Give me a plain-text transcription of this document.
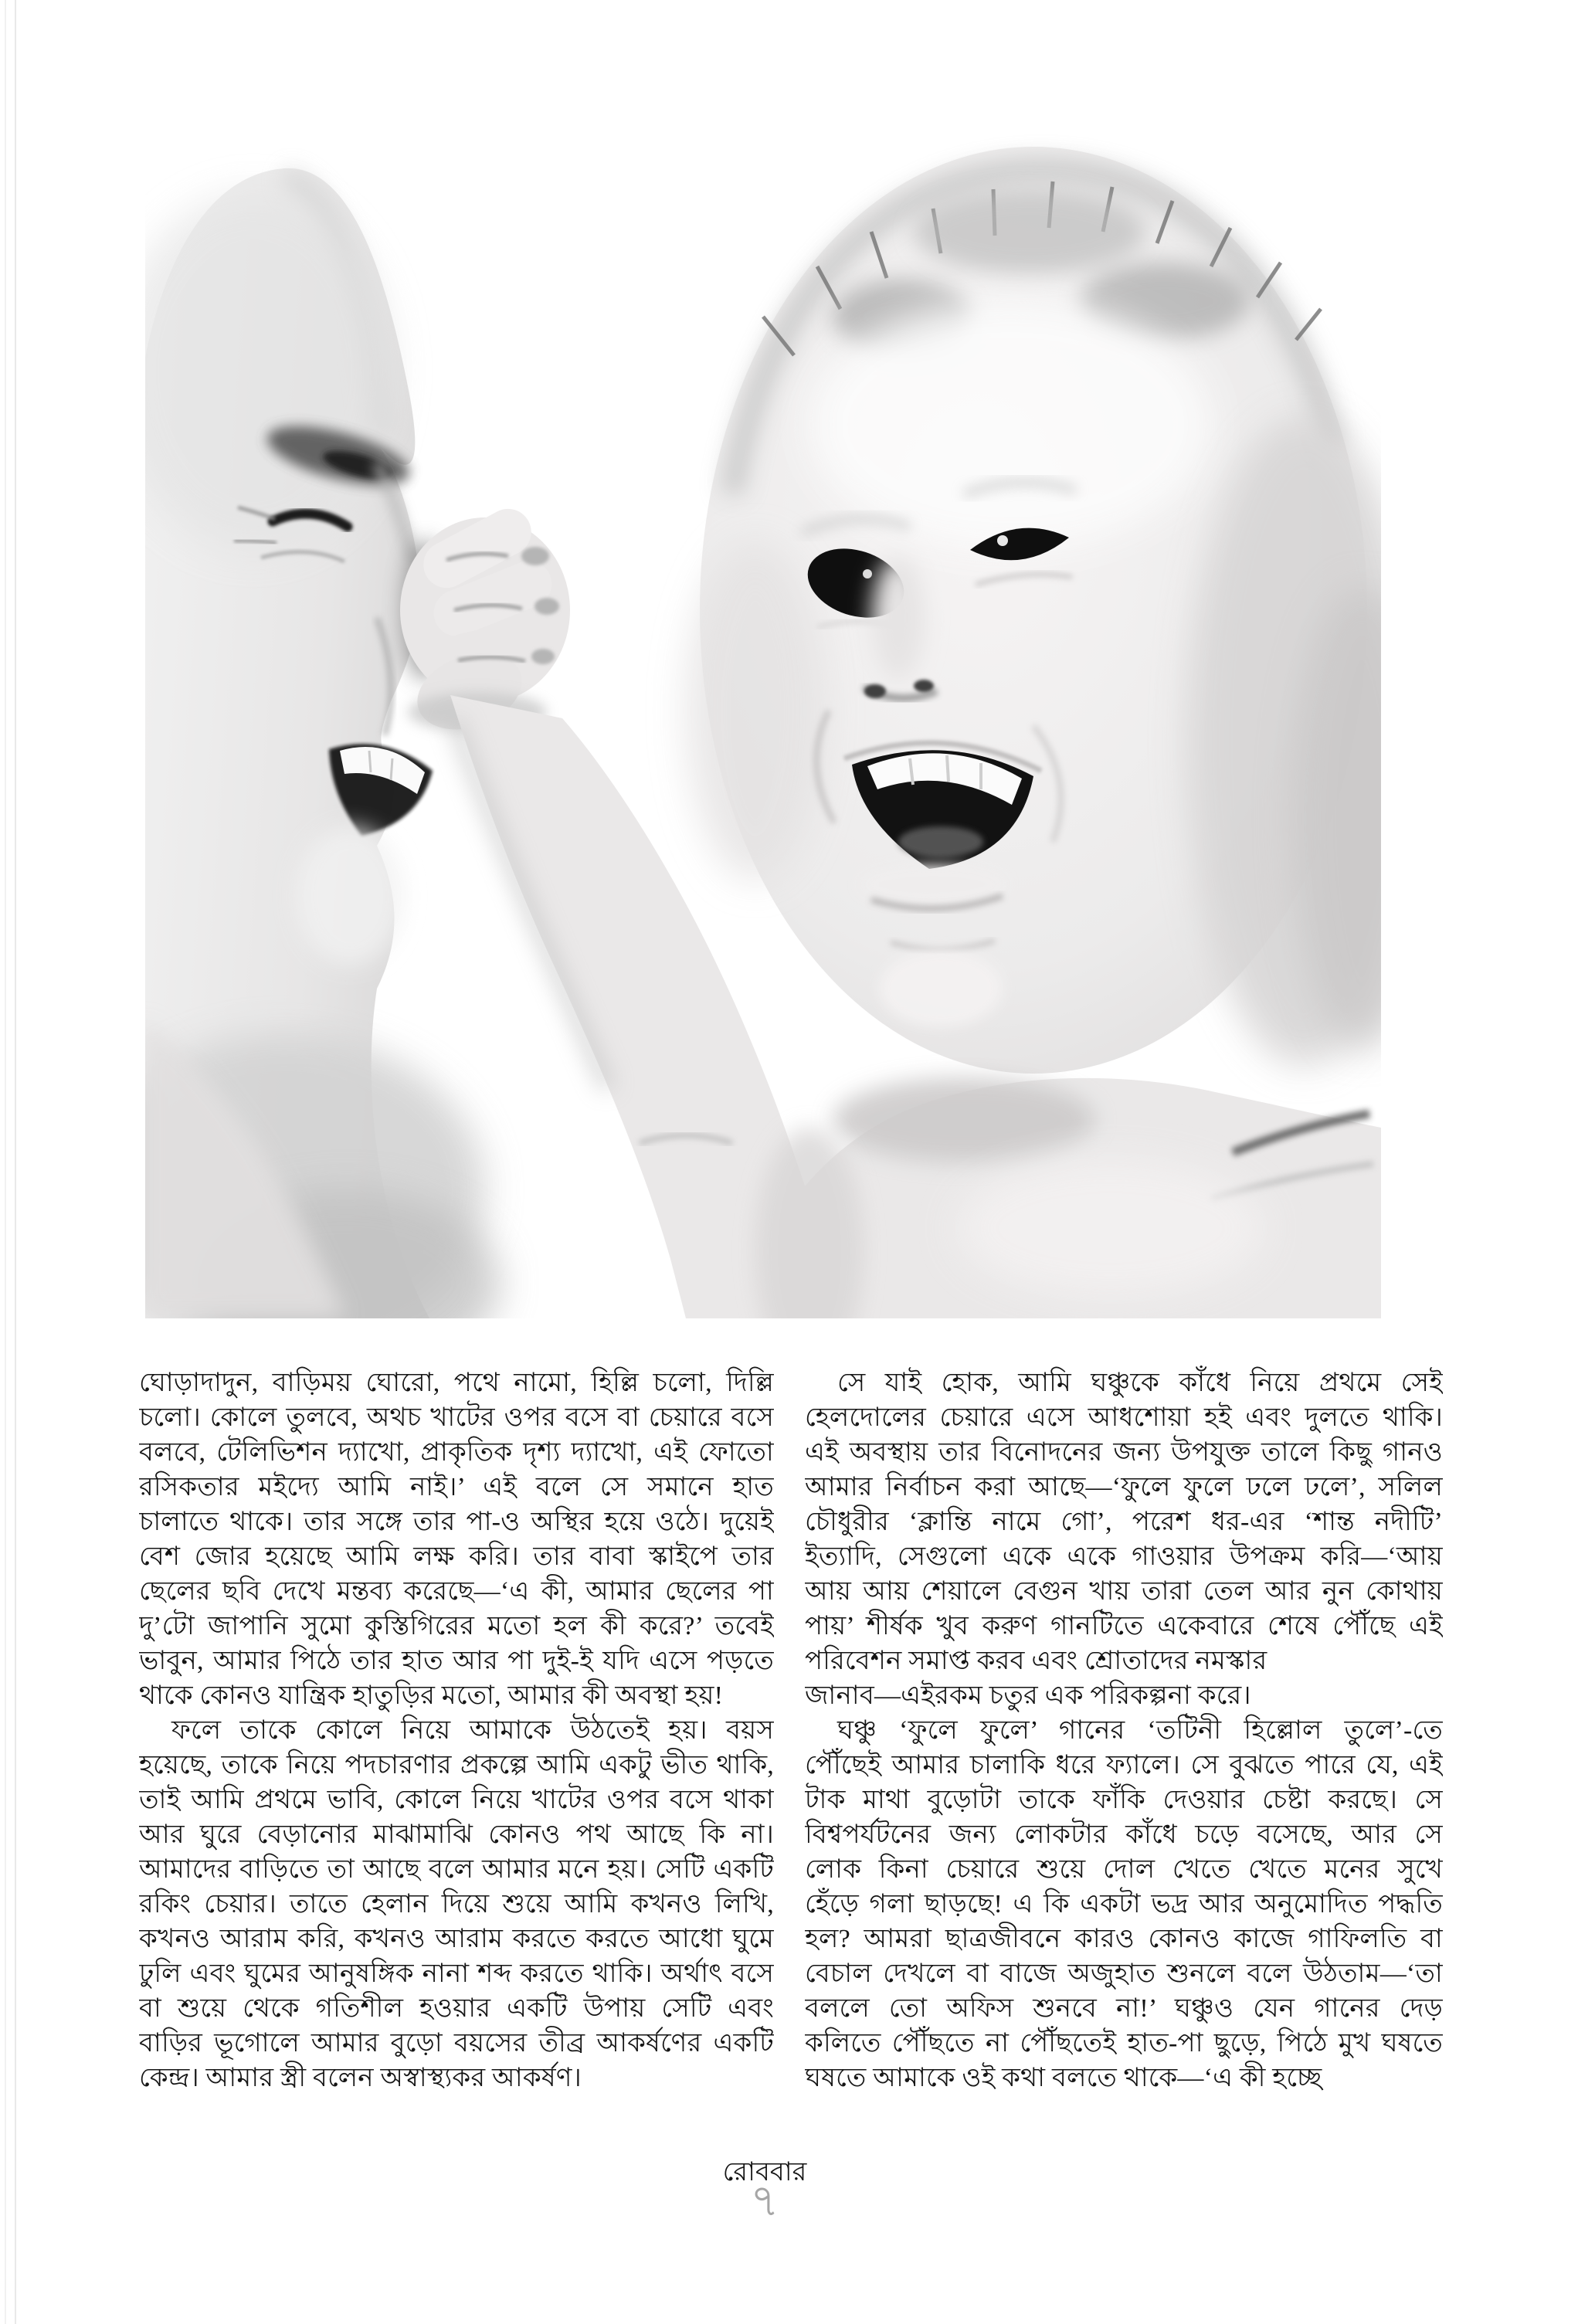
ঘোড়াদাদুন, বাড়িময় ঘোরো, পথে নামো, হিল্লি চলো, দিল্লি
চলো। কোলে তুলবে, অথচ খাটের ওপর বসে বা চেয়ারে বসে
বলবে, টেলিভিশন দ্যাখো, প্রাকৃতিক দৃশ্য দ্যাখো, এই ফোতো
রসিকতার মইদ্যে আমি নাই।’ এই বলে সে সমানে হাত
চালাতে থাকে। তার সঙ্গে তার পা-ও অস্থির হয়ে ওঠে। দুয়েই
বেশ জোর হয়েছে আমি লক্ষ করি। তার বাবা স্কাইপে তার
ছেলের ছবি দেখে মন্তব্য করেছে—‘এ কী, আমার ছেলের পা
দু’টো জাপানি সুমো কুস্তিগিরের মতো হল কী করে?’ তবেই
ভাবুন, আমার পিঠে তার হাত আর পা দুই-ই যদি এসে পড়তে
থাকে কোনও যান্ত্রিক হাতুড়ির মতো, আমার কী অবস্থা হয়!
ফলে তাকে কোলে নিয়ে আমাকে উঠতেই হয়। বয়স
হয়েছে, তাকে নিয়ে পদচারণার প্রকল্পে আমি একটু ভীত থাকি,
তাই আমি প্রথমে ভাবি, কোলে নিয়ে খাটের ওপর বসে থাকা
আর ঘুরে বেড়ানোর মাঝামাঝি কোনও পথ আছে কি না।
আমাদের বাড়িতে তা আছে বলে আমার মনে হয়। সেটি একটি
রকিং চেয়ার। তাতে হেলান দিয়ে শুয়ে আমি কখনও লিখি,
কখনও আরাম করি, কখনও আরাম করতে করতে আধো ঘুমে
ঢুলি এবং ঘুমের আনুষঙ্গিক নানা শব্দ করতে থাকি। অর্থাৎ বসে
বা শুয়ে থেকে গতিশীল হওয়ার একটি উপায় সেটি এবং
বাড়ির ভূগোলে আমার বুড়ো বয়সের তীব্র আকর্ষণের একটি
কেন্দ্র। আমার স্ত্রী বলেন অস্বাস্থ্যকর আকর্ষণ।
সে যাই হোক, আমি ঘঞ্চুকে কাঁধে নিয়ে প্রথমে সেই
হেলদোলের চেয়ারে এসে আধশোয়া হই এবং দুলতে থাকি।
এই অবস্থায় তার বিনোদনের জন্য উপযুক্ত তালে কিছু গানও
আমার নির্বাচন করা আছে—‘ফুলে ফুলে ঢলে ঢলে’, সলিল
চৌধুরীর ‘ক্লান্তি নামে গো’, পরেশ ধর-এর ‘শান্ত নদীটি’
ইত্যাদি, সেগুলো একে একে গাওয়ার উপক্রম করি—‘আয়
আয় আয় শেয়ালে বেগুন খায় তারা তেল আর নুন কোথায়
পায়’ শীর্ষক খুব করুণ গানটিতে একেবারে শেষে পৌঁছে এই
পরিবেশন সমাপ্ত করব এবং শ্রোতাদের নমস্কার
জানাব—এইরকম চতুর এক পরিকল্পনা করে।
ঘঞ্চু ‘ফুলে ফুলে’ গানের ‘তটিনী হিল্লোল তুলে’-তে
পৌঁছেই আমার চালাকি ধরে ফ্যালে। সে বুঝতে পারে যে, এই
টাক মাথা বুড়োটা তাকে ফাঁকি দেওয়ার চেষ্টা করছে। সে
বিশ্বপর্যটনের জন্য লোকটার কাঁধে চড়ে বসেছে, আর সে
লোক কিনা চেয়ারে শুয়ে দোল খেতে খেতে মনের সুখে
হেঁড়ে গলা ছাড়ছে! এ কি একটা ভদ্র আর অনুমোদিত পদ্ধতি
হল? আমরা ছাত্রজীবনে কারও কোনও কাজে গাফিলতি বা
বেচাল দেখলে বা বাজে অজুহাত শুনলে বলে উঠতাম—‘তা
বললে তো অফিস শুনবে না!’ ঘঞ্চুও যেন গানের দেড়
কলিতে পৌঁছতে না পৌঁছতেই হাত-পা ছুড়ে, পিঠে মুখ ঘষতে
ঘষতে আমাকে ওই কথা বলতে থাকে—‘এ কী হচ্ছে
রোববার
৭
